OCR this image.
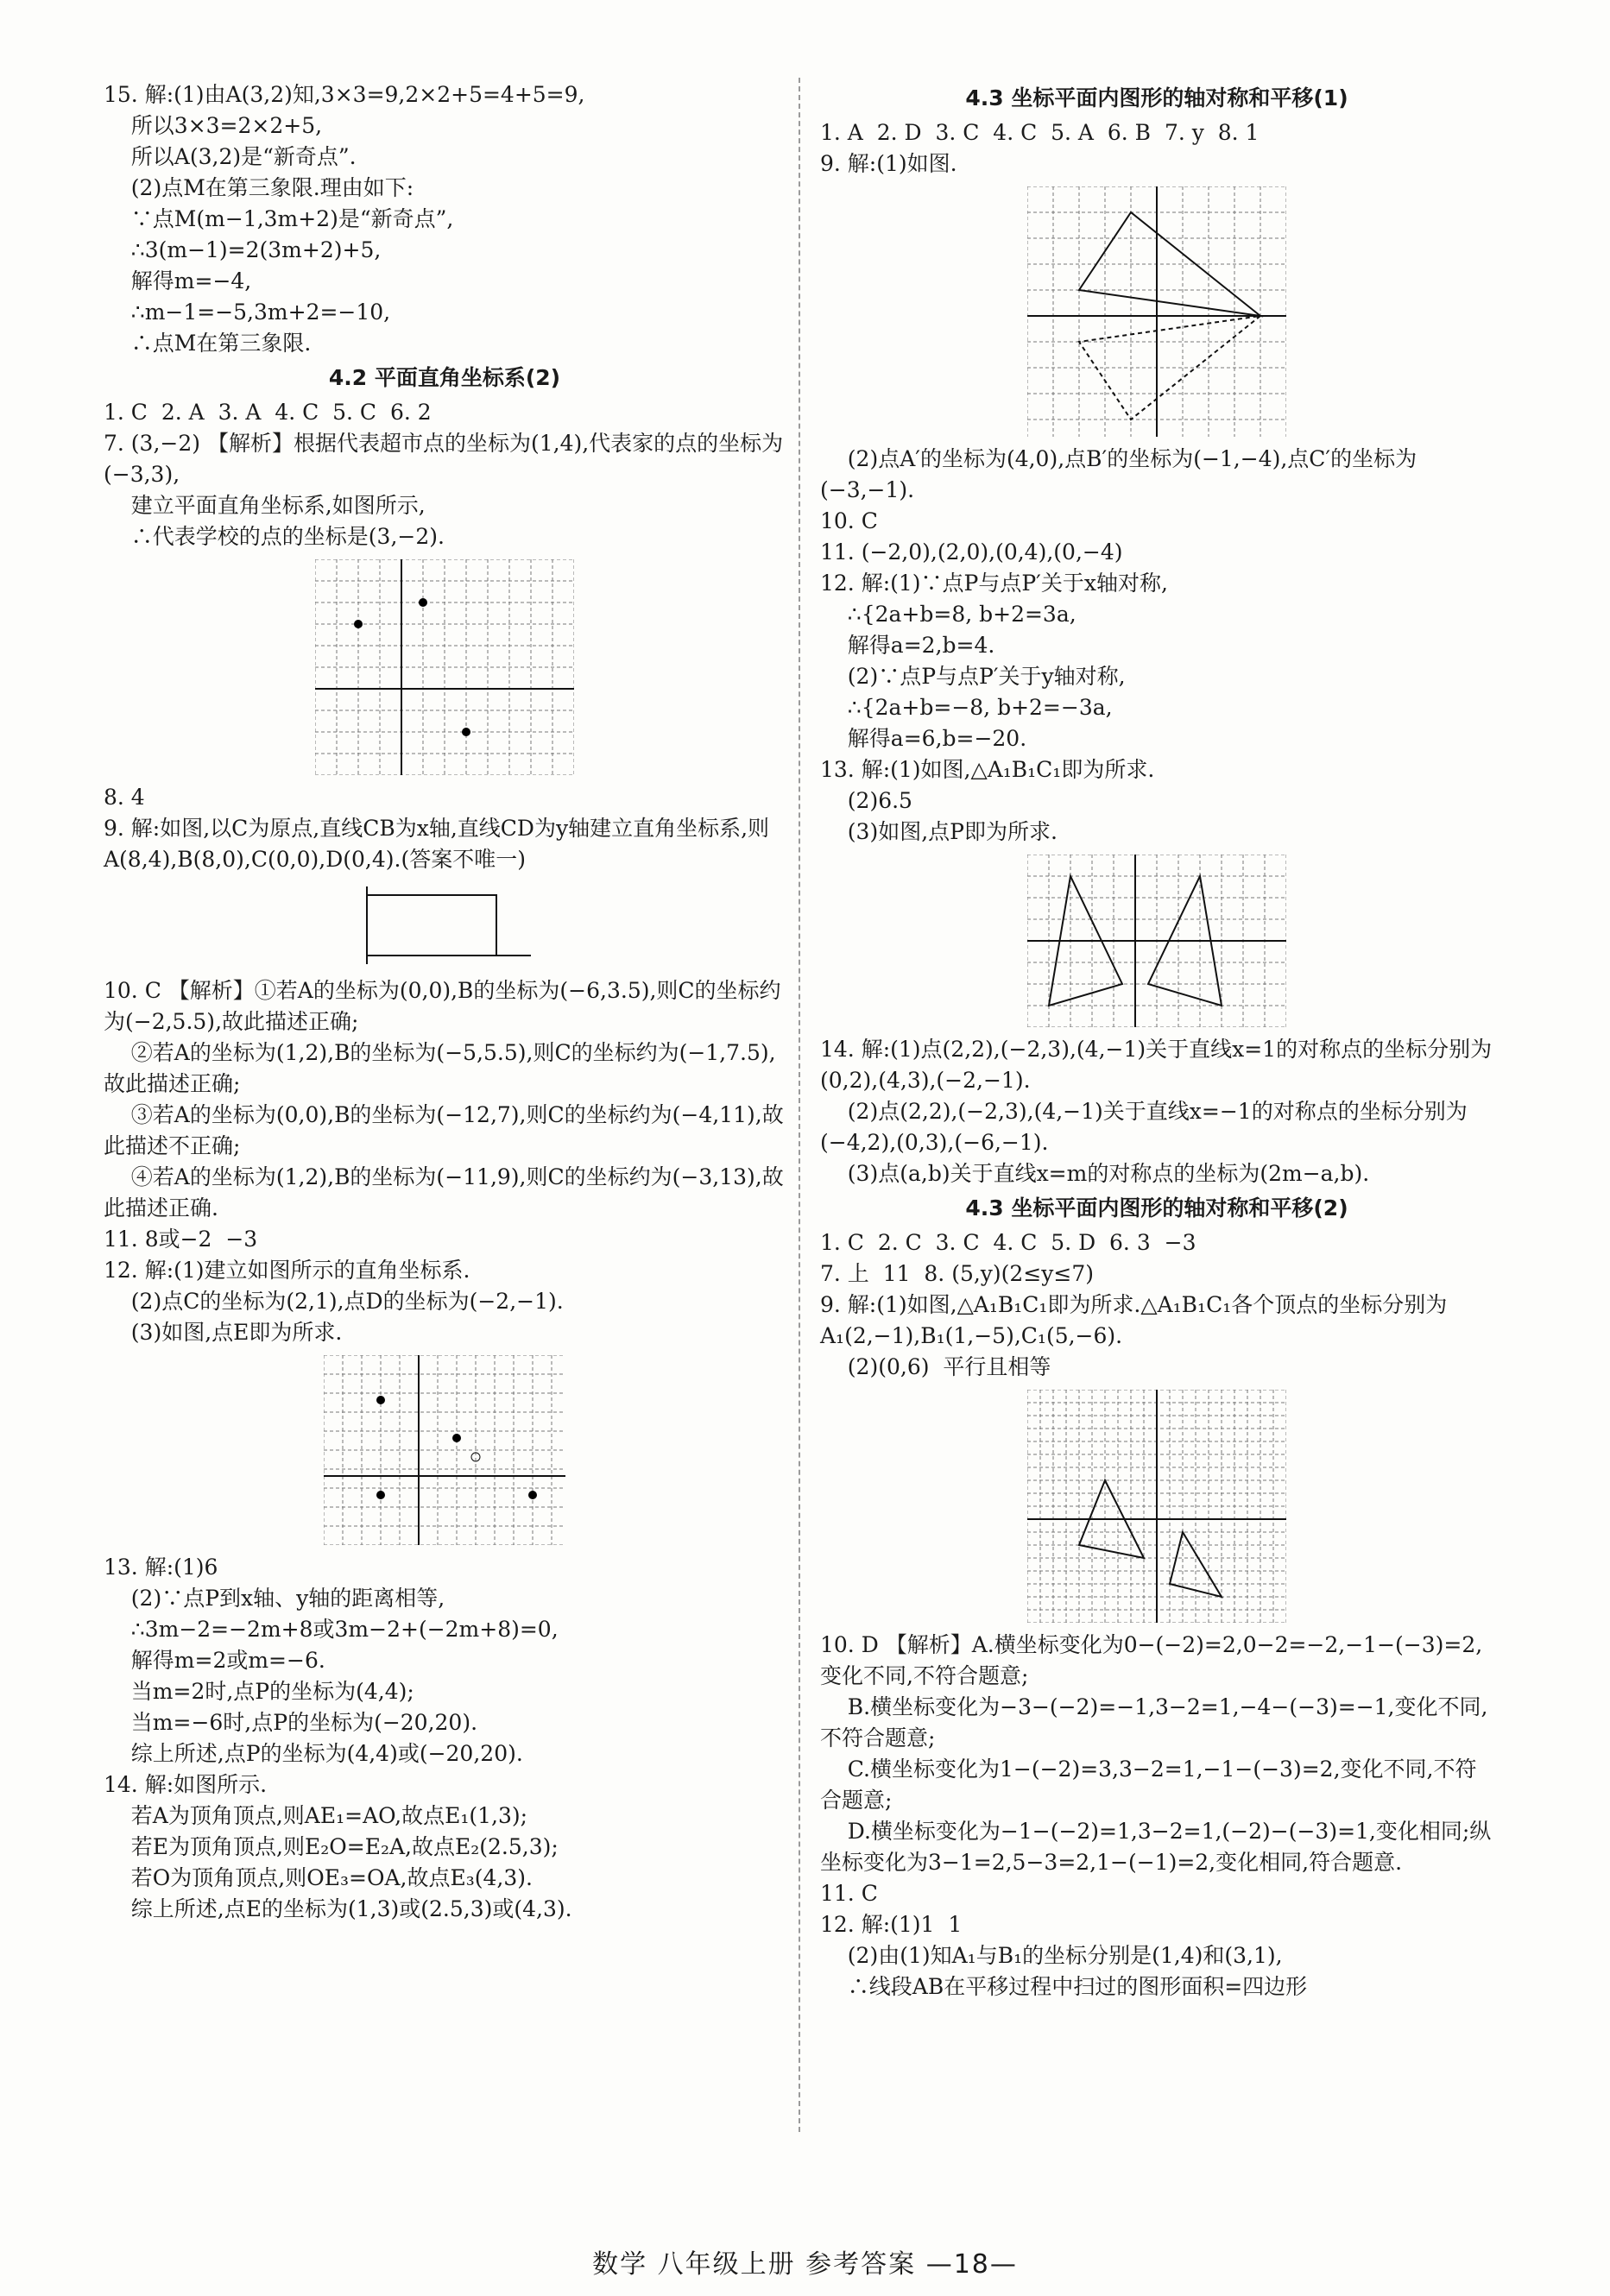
15. 解:(1)由A(3,2)知,3×3=9,2×2+5=4+5=9,
所以3×3=2×2+5,
所以A(3,2)是“新奇点”.
(2)点M在第三象限.理由如下:
∵点M(m−1,3m+2)是“新奇点”,
∴3(m−1)=2(3m+2)+5,
解得m=−4,
∴m−1=−5,3m+2=−10,
∴点M在第三象限.
4.2 平面直角坐标系(2)
1. C  2. A  3. A  4. C  5. C  6. 2
7. (3,−2) 【解析】根据代表超市点的坐标为(1,4),代表家的点的坐标为(−3,3),
建立平面直角坐标系,如图所示,
∴代表学校的点的坐标是(3,−2).
8. 4
9. 解:如图,以C为原点,直线CB为x轴,直线CD为y轴建立直角坐标系,则A(8,4),B(8,0),C(0,0),D(0,4).(答案不唯一)
10. C 【解析】①若A的坐标为(0,0),B的坐标为(−6,3.5),则C的坐标约为(−2,5.5),故此描述正确;
②若A的坐标为(1,2),B的坐标为(−5,5.5),则C的坐标约为(−1,7.5),故此描述正确;
③若A的坐标为(0,0),B的坐标为(−12,7),则C的坐标约为(−4,11),故此描述不正确;
④若A的坐标为(1,2),B的坐标为(−11,9),则C的坐标约为(−3,13),故此描述正确.
11. 8或−2  −3
12. 解:(1)建立如图所示的直角坐标系.
(2)点C的坐标为(2,1),点D的坐标为(−2,−1).
(3)如图,点E即为所求.
13. 解:(1)6
(2)∵点P到x轴、y轴的距离相等,
∴3m−2=−2m+8或3m−2+(−2m+8)=0,
解得m=2或m=−6.
当m=2时,点P的坐标为(4,4);
当m=−6时,点P的坐标为(−20,20).
综上所述,点P的坐标为(4,4)或(−20,20).
14. 解:如图所示.
若A为顶角顶点,则AE₁=AO,故点E₁(1,3);
若E为顶角顶点,则E₂O=E₂A,故点E₂(2.5,3);
若O为顶角顶点,则OE₃=OA,故点E₃(4,3).
综上所述,点E的坐标为(1,3)或(2.5,3)或(4,3).
4.3 坐标平面内图形的轴对称和平移(1)
1. A  2. D  3. C  4. C  5. A  6. B  7. y  8. 1
9. 解:(1)如图.
(2)点A′的坐标为(4,0),点B′的坐标为(−1,−4),点C′的坐标为(−3,−1).
10. C
11. (−2,0),(2,0),(0,4),(0,−4)
12. 解:(1)∵点P与点P′关于x轴对称,
∴{2a+b=8, b+2=3a,
解得a=2,b=4.
(2)∵点P与点P′关于y轴对称,
∴{2a+b=−8, b+2=−3a,
解得a=6,b=−20.
13. 解:(1)如图,△A₁B₁C₁即为所求.
(2)6.5
(3)如图,点P即为所求.
14. 解:(1)点(2,2),(−2,3),(4,−1)关于直线x=1的对称点的坐标分别为(0,2),(4,3),(−2,−1).
(2)点(2,2),(−2,3),(4,−1)关于直线x=−1的对称点的坐标分别为(−4,2),(0,3),(−6,−1).
(3)点(a,b)关于直线x=m的对称点的坐标为(2m−a,b).
4.3 坐标平面内图形的轴对称和平移(2)
1. C  2. C  3. C  4. C  5. D  6. 3  −3
7. 上  11  8. (5,y)(2≤y≤7)
9. 解:(1)如图,△A₁B₁C₁即为所求.△A₁B₁C₁各个顶点的坐标分别为A₁(2,−1),B₁(1,−5),C₁(5,−6).
(2)(0,6)  平行且相等
10. D 【解析】A.横坐标变化为0−(−2)=2,0−2=−2,−1−(−3)=2,变化不同,不符合题意;
B.横坐标变化为−3−(−2)=−1,3−2=1,−4−(−3)=−1,变化不同,不符合题意;
C.横坐标变化为1−(−2)=3,3−2=1,−1−(−3)=2,变化不同,不符合题意;
D.横坐标变化为−1−(−2)=1,3−2=1,(−2)−(−3)=1,变化相同;纵坐标变化为3−1=2,5−3=2,1−(−1)=2,变化相同,符合题意.
11. C
12. 解:(1)1  1
(2)由(1)知A₁与B₁的坐标分别是(1,4)和(3,1),
∴线段AB在平移过程中扫过的图形面积=四边形
数学 八年级上册 参考答案 —18—
